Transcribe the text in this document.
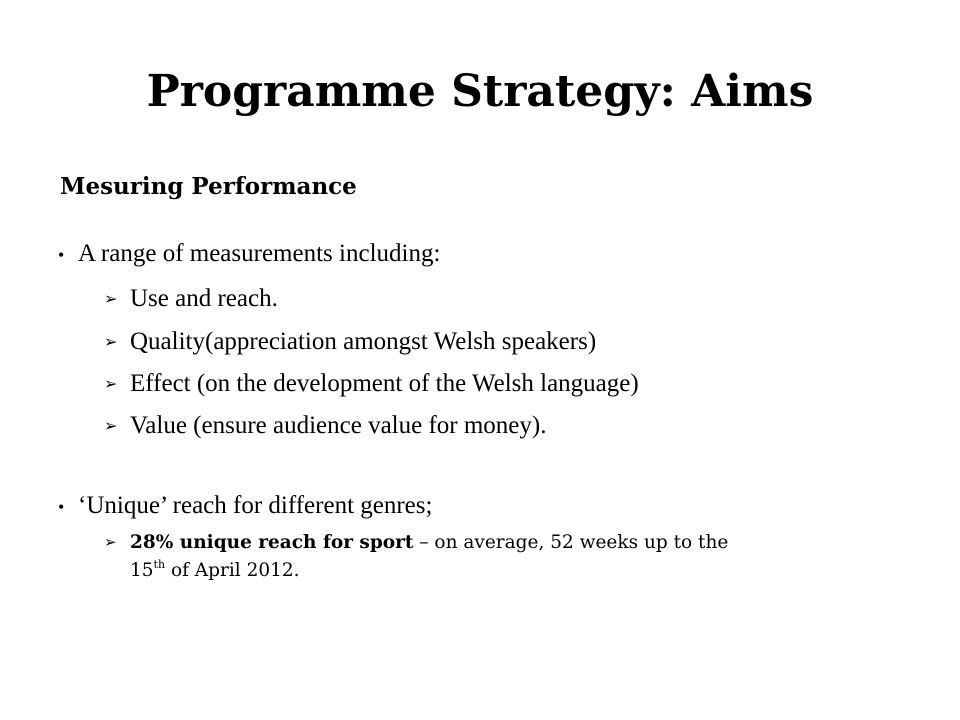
Programme Strategy: Aims
Mesuring Performance
• A range of measurements including:
➢ Use and reach.
➢ Quality(appreciation amongst Welsh speakers)
➢ Effect (on the development of the Welsh language)
➢ Value (ensure audience value for money).
• ‘Unique’ reach for different genres;
➢ 28% unique reach for sport – on average, 52 weeks up to the
15th of April 2012.
